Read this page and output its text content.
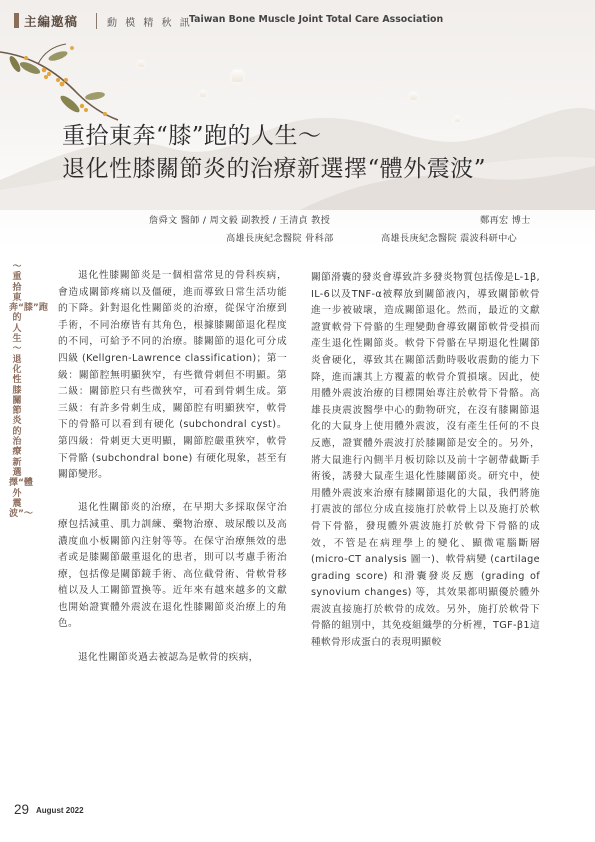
主編邀稿	動 模 精 秋 訊
Taiwan Bone Muscle Joint Total Care Association
重拾東奔“膝”跑的人生～
退化性膝關節炎的治療新選擇“體外震波”
詹舜文 醫師 / 周文毅 副教授 / 王清貞 教授
高雄長庚紀念醫院 骨科部
鄭再宏 博士
高雄長庚紀念醫院 震波科研中心
～重拾東奔“膝”跑的人生～退化性膝關節炎的治療新選擇“體外震波”～

退化性膝關節炎是一個相當常見的骨科疾病，會造成關節疼痛以及僵硬，進而導致日常生活功能的下降。針對退化性關節炎的治療，從保守治療到手術，不同治療皆有其角色，根據膝關節退化程度的不同，可給予不同的治療。膝關節的退化可分成四級 (Kellgren-Lawrence classification)；第一級：關節腔無明顯狹窄，有些微骨刺但不明顯。第二級：關節腔只有些微狹窄，可看到骨刺生成。第三級：有許多骨刺生成，關節腔有明顯狹窄，軟骨下的骨骼可以看到有硬化 (subchondral cyst)。第四級：骨刺更大更明顯，關節腔嚴重狹窄，軟骨下骨骼 (subchondral bone) 有硬化現象，甚至有關節變形。

退化性關節炎的治療，在早期大多採取保守治療包括減重、肌力訓練、藥物治療、玻尿酸以及高濃度血小板關節內注射等等。在保守治療無效的患者或是膝關節嚴重退化的患者，則可以考慮手術治療，包括像是關節鏡手術、高位截骨術、骨軟骨移植以及人工關節置換等。近年來有越來越多的文獻也開始證實體外震波在退化性膝關節炎治療上的角色。

退化性關節炎過去被認為是軟骨的疾病，

關節滑囊的發炎會導致許多發炎物質包括像是L-1β, IL-6以及TNF-α被釋放到關節液內，導致關節軟骨進一步被破壞，造成關節退化。然而，最近的文獻證實軟骨下骨骼的生理變動會導致關節軟骨受損而產生退化性關節炎。軟骨下骨骼在早期退化性關節炎會硬化，導致其在關節活動時吸收震動的能力下降，進而讓其上方覆蓋的軟骨介質損壞。因此，使用體外震波治療的目標開始專注於軟骨下骨骼。高雄長庚震波醫學中心的動物研究，在沒有膝關節退化的大鼠身上使用體外震波，沒有產生任何的不良反應，證實體外震波打於膝關節是安全的。另外，將大鼠進行內側半月板切除以及前十字韌帶截斷手術後，誘發大鼠產生退化性膝關節炎。研究中，使用體外震波來治療有膝關節退化的大鼠，我們將施打震波的部位分成直接施打於軟骨上以及施打於軟骨下骨骼，發現體外震波施打於軟骨下骨骼的成效，不管是在病理學上的變化、顯微電腦斷層 (micro-CT analysis 圖一)、軟骨病變 (cartilage grading score) 和滑囊發炎反應 (grading of synovium changes) 等，其效果都明顯優於體外震波直接施打於軟骨的成效。另外，施打於軟骨下骨骼的組別中，其免疫組織學的分析裡，TGF-β1這種軟骨形成蛋白的表現明顯較

29 August 2022
